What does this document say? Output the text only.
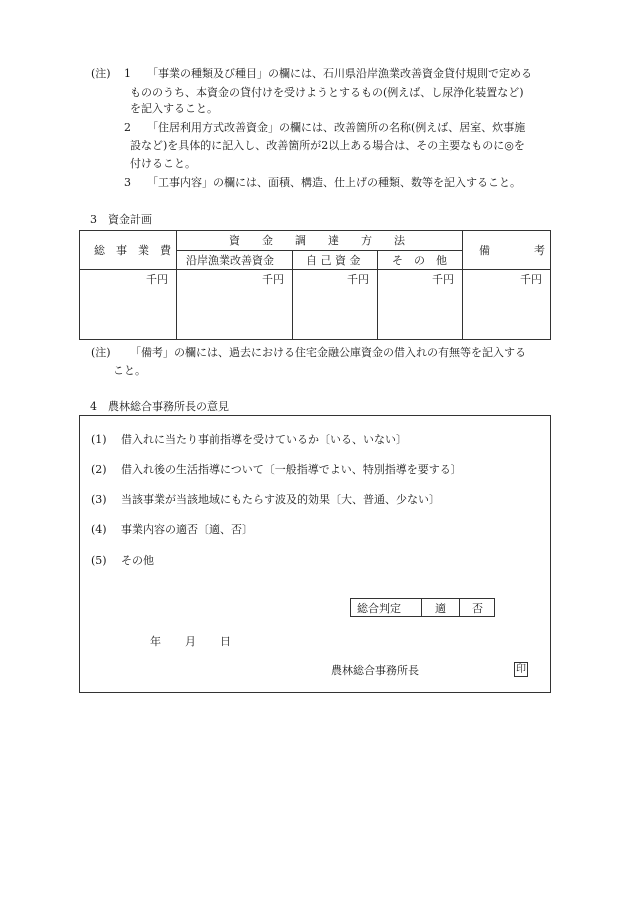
(注) 1 「事業の種類及び種目」の欄には、石川県沿岸漁業改善資金貸付規則で定める
もののうち、本資金の貸付けを受けようとするもの(例えば、し尿浄化装置など)
を記入すること。
2 「住居利用方式改善資金」の欄には、改善箇所の名称(例えば、居室、炊事施
設など)を具体的に記入し、改善箇所が2以上ある場合は、その主要なものに◎を
付けること。
3 「工事内容」の欄には、面積、構造、仕上げの種類、数等を記入すること。
3　資金計画
総　事　業　費
資　　金　　調　　達　　方　　法
備　　　　考
沿岸漁業改善資金	自 己 資 金	そ　の　他
千円	千円	千円	千円	千円
(注) 「備考」の欄には、過去における住宅金融公庫資金の借入れの有無等を記入する
こと。
4　農林総合事務所長の意見
(1) 借入れに当たり事前指導を受けているか〔いる、いない〕
(2) 借入れ後の生活指導について〔一般指導でよい、特別指導を要する〕
(3) 当該事業が当該地域にもたらす波及的効果〔大、普通、少ない〕
(4) 事業内容の適否〔適、否〕
(5) その他
総合判定	適 否
年 月 日
農林総合事務所長	印
